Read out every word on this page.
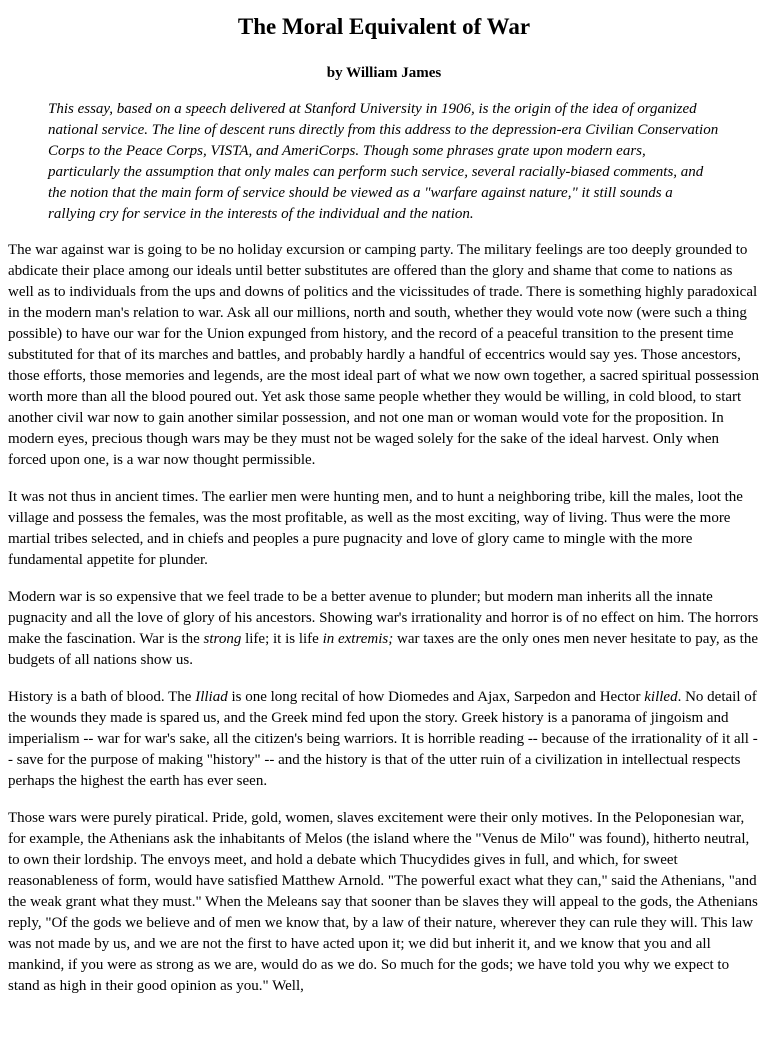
The Moral Equivalent of War
by William James
This essay, based on a speech delivered at Stanford University in 1906, is the origin of the idea of organized national service. The line of descent runs directly from this address to the depression-era Civilian Conservation Corps to the Peace Corps, VISTA, and AmeriCorps. Though some phrases grate upon modern ears, particularly the assumption that only males can perform such service, several racially-biased comments, and the notion that the main form of service should be viewed as a "warfare against nature," it still sounds a rallying cry for service in the interests of the individual and the nation.

The war against war is going to be no holiday excursion or camping party. The military feelings are too deeply grounded to abdicate their place among our ideals until better substitutes are offered than the glory and shame that come to nations as well as to individuals from the ups and downs of politics and the vicissitudes of trade. There is something highly paradoxical in the modern man's relation to war. Ask all our millions, north and south, whether they would vote now (were such a thing possible) to have our war for the Union expunged from history, and the record of a peaceful transition to the present time substituted for that of its marches and battles, and probably hardly a handful of eccentrics would say yes. Those ancestors, those efforts, those memories and legends, are the most ideal part of what we now own together, a sacred spiritual possession worth more than all the blood poured out. Yet ask those same people whether they would be willing, in cold blood, to start another civil war now to gain another similar possession, and not one man or woman would vote for the proposition. In modern eyes, precious though wars may be they must not be waged solely for the sake of the ideal harvest. Only when forced upon one, is a war now thought permissible.

It was not thus in ancient times. The earlier men were hunting men, and to hunt a neighboring tribe, kill the males, loot the village and possess the females, was the most profitable, as well as the most exciting, way of living. Thus were the more martial tribes selected, and in chiefs and peoples a pure pugnacity and love of glory came to mingle with the more fundamental appetite for plunder.

Modern war is so expensive that we feel trade to be a better avenue to plunder; but modern man inherits all the innate pugnacity and all the love of glory of his ancestors. Showing war's irrationality and horror is of no effect on him. The horrors make the fascination. War is the strong life; it is life in extremis; war taxes are the only ones men never hesitate to pay, as the budgets of all nations show us.

History is a bath of blood. The Illiad is one long recital of how Diomedes and Ajax, Sarpedon and Hector killed. No detail of the wounds they made is spared us, and the Greek mind fed upon the story. Greek history is a panorama of jingoism and imperialism -- war for war's sake, all the citizen's being warriors. It is horrible reading -- because of the irrationality of it all -- save for the purpose of making "history" -- and the history is that of the utter ruin of a civilization in intellectual respects perhaps the highest the earth has ever seen.

Those wars were purely piratical. Pride, gold, women, slaves excitement were their only motives. In the Peloponesian war, for example, the Athenians ask the inhabitants of Melos (the island where the "Venus de Milo" was found), hitherto neutral, to own their lordship. The envoys meet, and hold a debate which Thucydides gives in full, and which, for sweet reasonableness of form, would have satisfied Matthew Arnold. "The powerful exact what they can," said the Athenians, "and the weak grant what they must." When the Meleans say that sooner than be slaves they will appeal to the gods, the Athenians reply, "Of the gods we believe and of men we know that, by a law of their nature, wherever they can rule they will. This law was not made by us, and we are not the first to have acted upon it; we did but inherit it, and we know that you and all mankind, if you were as strong as we are, would do as we do. So much for the gods; we have told you why we expect to stand as high in their good opinion as you." Well,
